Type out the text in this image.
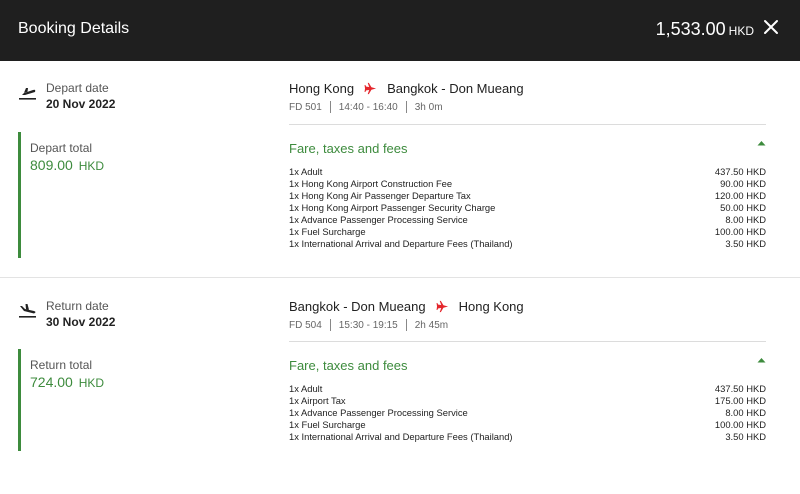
Booking Details	1,533.00 HKD
Depart date
20 Nov 2022
Depart total
809.00 HKD
Hong Kong	Bangkok - Don Mueang
FD 501 14:40 - 16:40 3h 0m
Fare, taxes and fees
1x Adult	437.50 HKD
1x Hong Kong Airport Construction Fee	90.00 HKD
1x Hong Kong Air Passenger Departure Tax	120.00 HKD
1x Hong Kong Airport Passenger Security Charge	50.00 HKD
1x Advance Passenger Processing Service	8.00 HKD
1x Fuel Surcharge	100.00 HKD
1x International Arrival and Departure Fees (Thailand)	3.50 HKD
Return date
30 Nov 2022
Return total
724.00 HKD
Bangkok - Don Mueang	Hong Kong
FD 504 15:30 - 19:15 2h 45m
Fare, taxes and fees
1x Adult	437.50 HKD
1x Airport Tax	175.00 HKD
1x Advance Passenger Processing Service	8.00 HKD
1x Fuel Surcharge	100.00 HKD
1x International Arrival and Departure Fees (Thailand)	3.50 HKD
